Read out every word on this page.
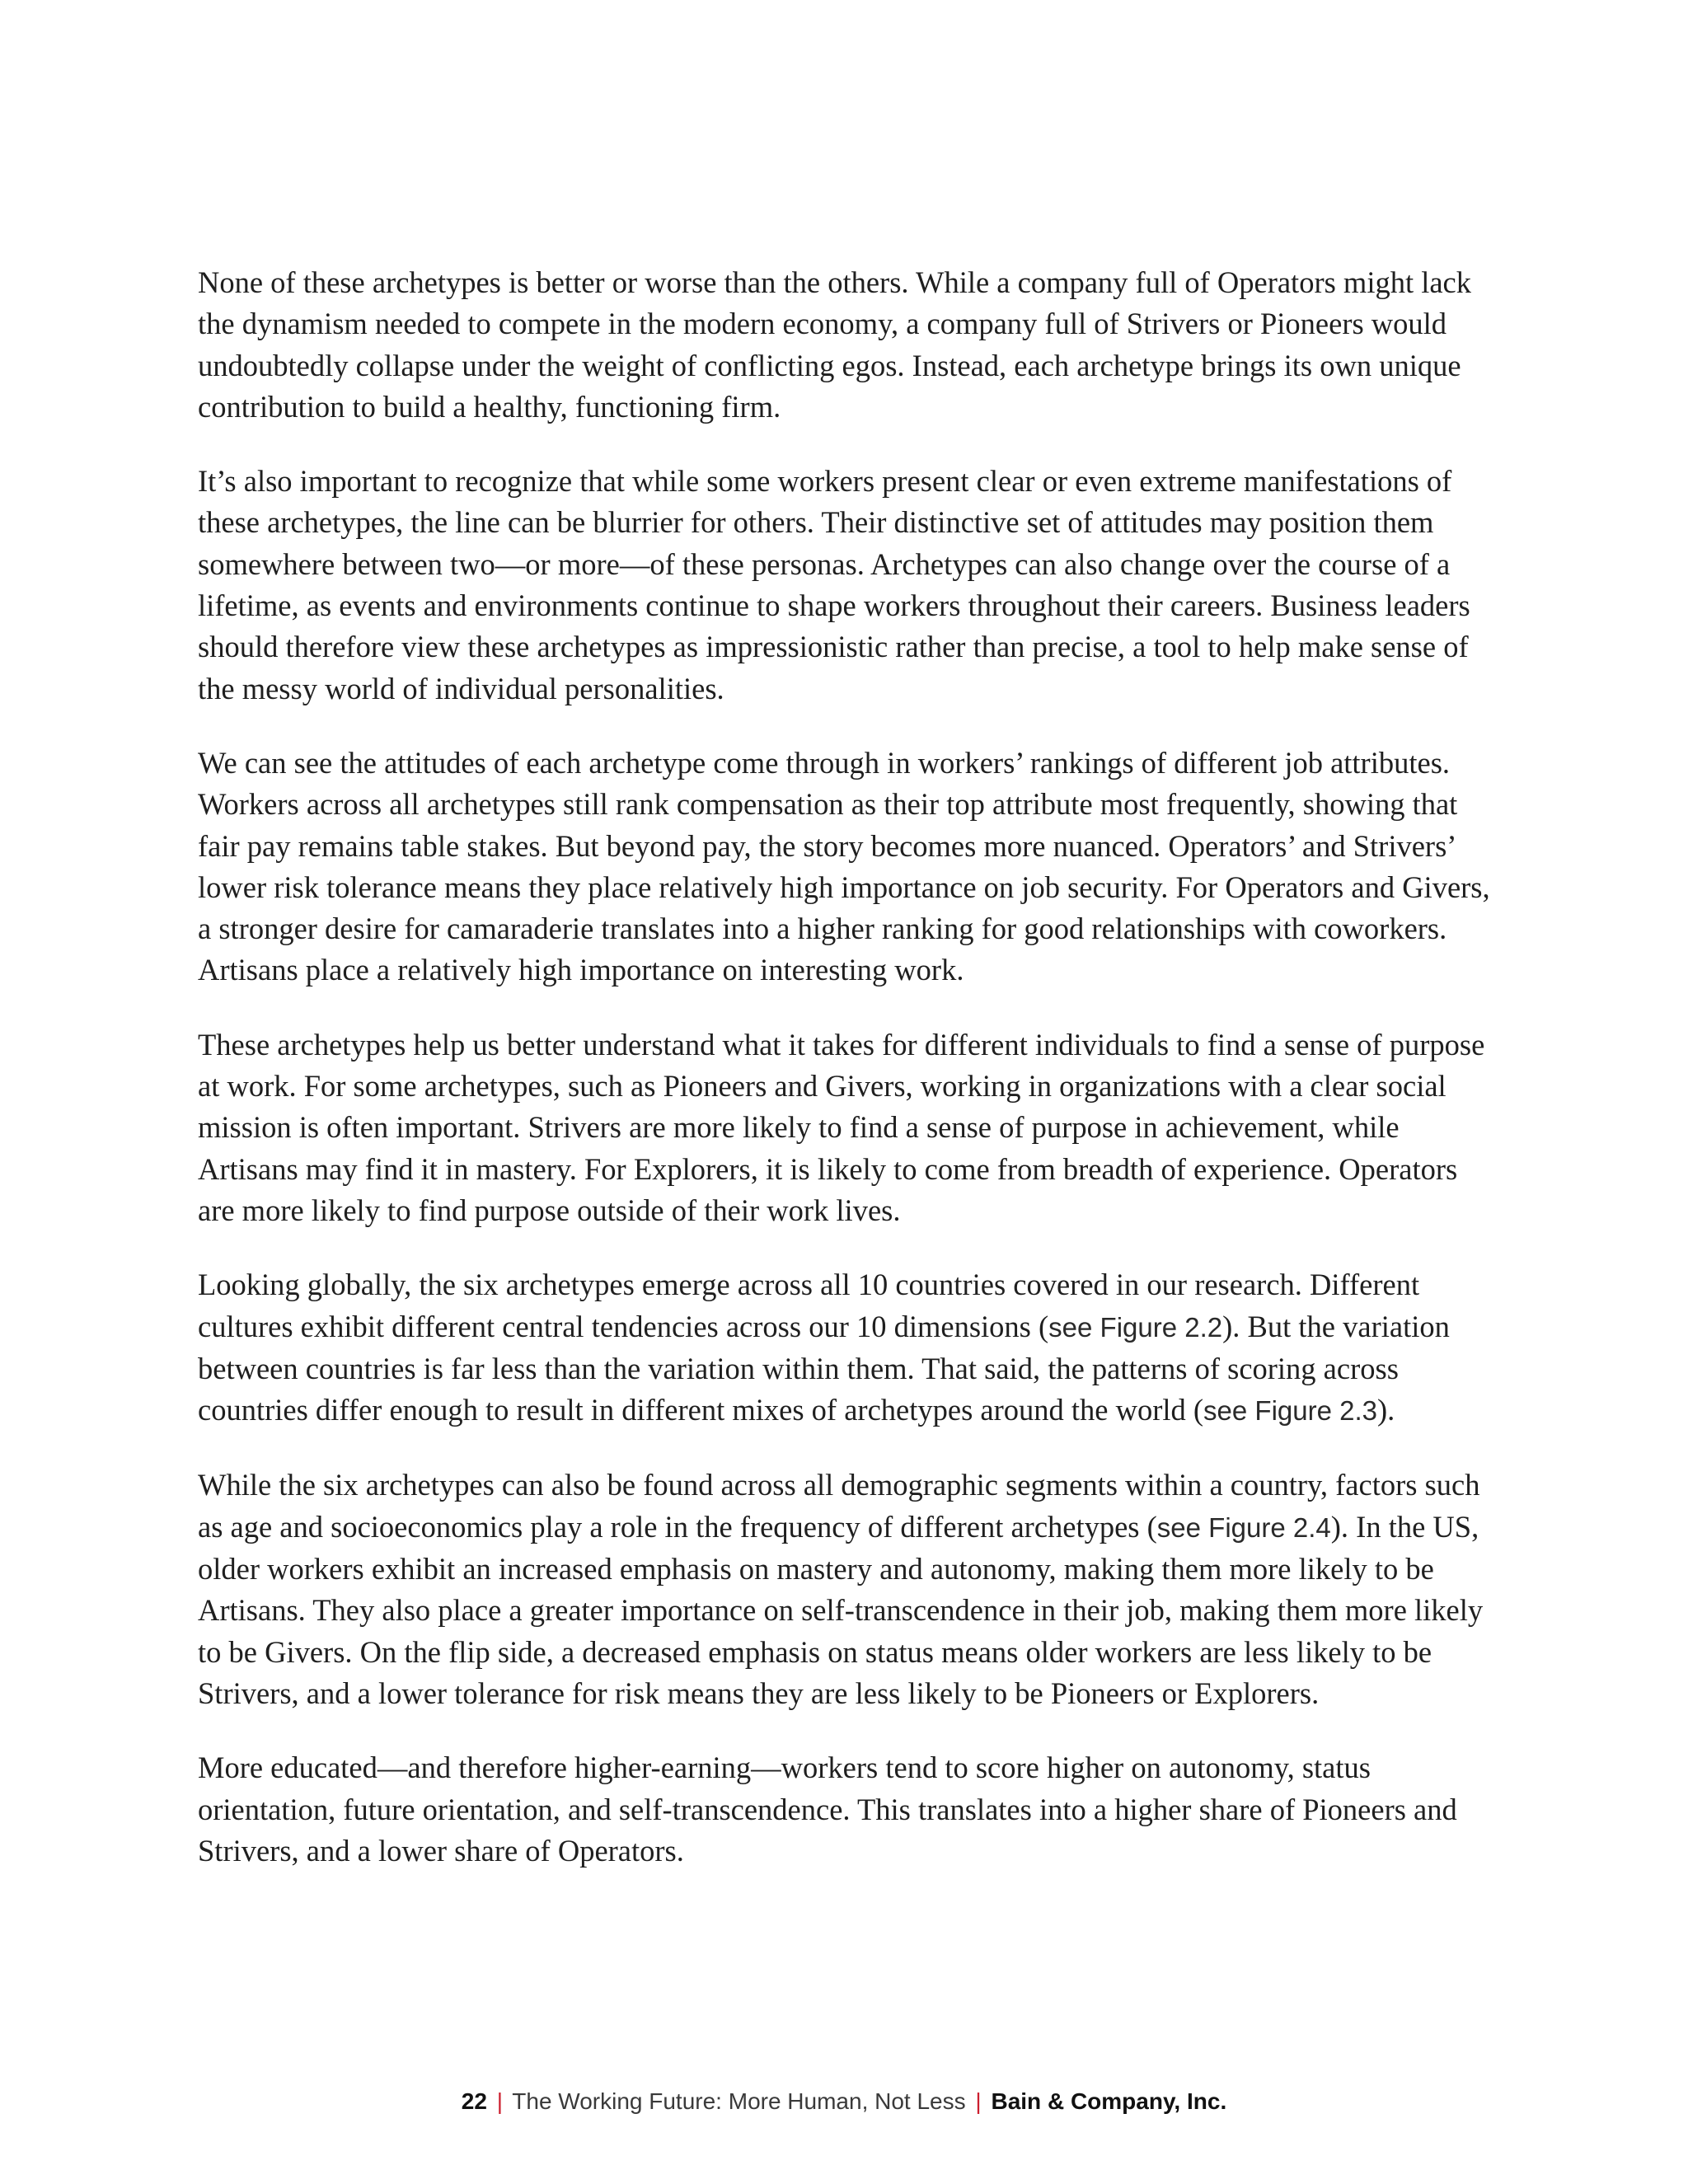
None of these archetypes is better or worse than the others. While a company full of Operators might lack the dynamism needed to compete in the modern economy, a company full of Strivers or Pioneers would undoubtedly collapse under the weight of conflicting egos. Instead, each archetype brings its own unique contribution to build a healthy, functioning firm.

It’s also important to recognize that while some workers present clear or even extreme manifestations of these archetypes, the line can be blurrier for others. Their distinctive set of attitudes may position them somewhere between two—or more—of these personas. Archetypes can also change over the course of a lifetime, as events and environments continue to shape workers throughout their careers. Business leaders should therefore view these archetypes as impressionistic rather than precise, a tool to help make sense of the messy world of individual personalities.

We can see the attitudes of each archetype come through in workers’ rankings of different job attributes. Workers across all archetypes still rank compensation as their top attribute most frequently, showing that fair pay remains table stakes. But beyond pay, the story becomes more nuanced. Operators’ and Strivers’ lower risk tolerance means they place relatively high importance on job security. For Operators and Givers, a stronger desire for camaraderie translates into a higher ranking for good relationships with coworkers. Artisans place a relatively high importance on interesting work.

These archetypes help us better understand what it takes for different individuals to find a sense of purpose at work. For some archetypes, such as Pioneers and Givers, working in organizations with a clear social mission is often important. Strivers are more likely to find a sense of purpose in achievement, while Artisans may find it in mastery. For Explorers, it is likely to come from breadth of experience. Operators are more likely to find purpose outside of their work lives.

Looking globally, the six archetypes emerge across all 10 countries covered in our research. Different cultures exhibit different central tendencies across our 10 dimensions (see Figure 2.2). But the variation between countries is far less than the variation within them. That said, the patterns of scoring across countries differ enough to result in different mixes of archetypes around the world (see Figure 2.3).

While the six archetypes can also be found across all demographic segments within a country, factors such as age and socioeconomics play a role in the frequency of different archetypes (see Figure 2.4). In the US, older workers exhibit an increased emphasis on mastery and autonomy, making them more likely to be Artisans. They also place a greater importance on self-transcendence in their job, making them more likely to be Givers. On the flip side, a decreased emphasis on status means older workers are less likely to be Strivers, and a lower tolerance for risk means they are less likely to be Pioneers or Explorers.

More educated—and therefore higher-earning—workers tend to score higher on autonomy, status orientation, future orientation, and self-transcendence. This translates into a higher share of Pioneers and Strivers, and a lower share of Operators.

22 | The Working Future: More Human, Not Less | Bain & Company, Inc.
